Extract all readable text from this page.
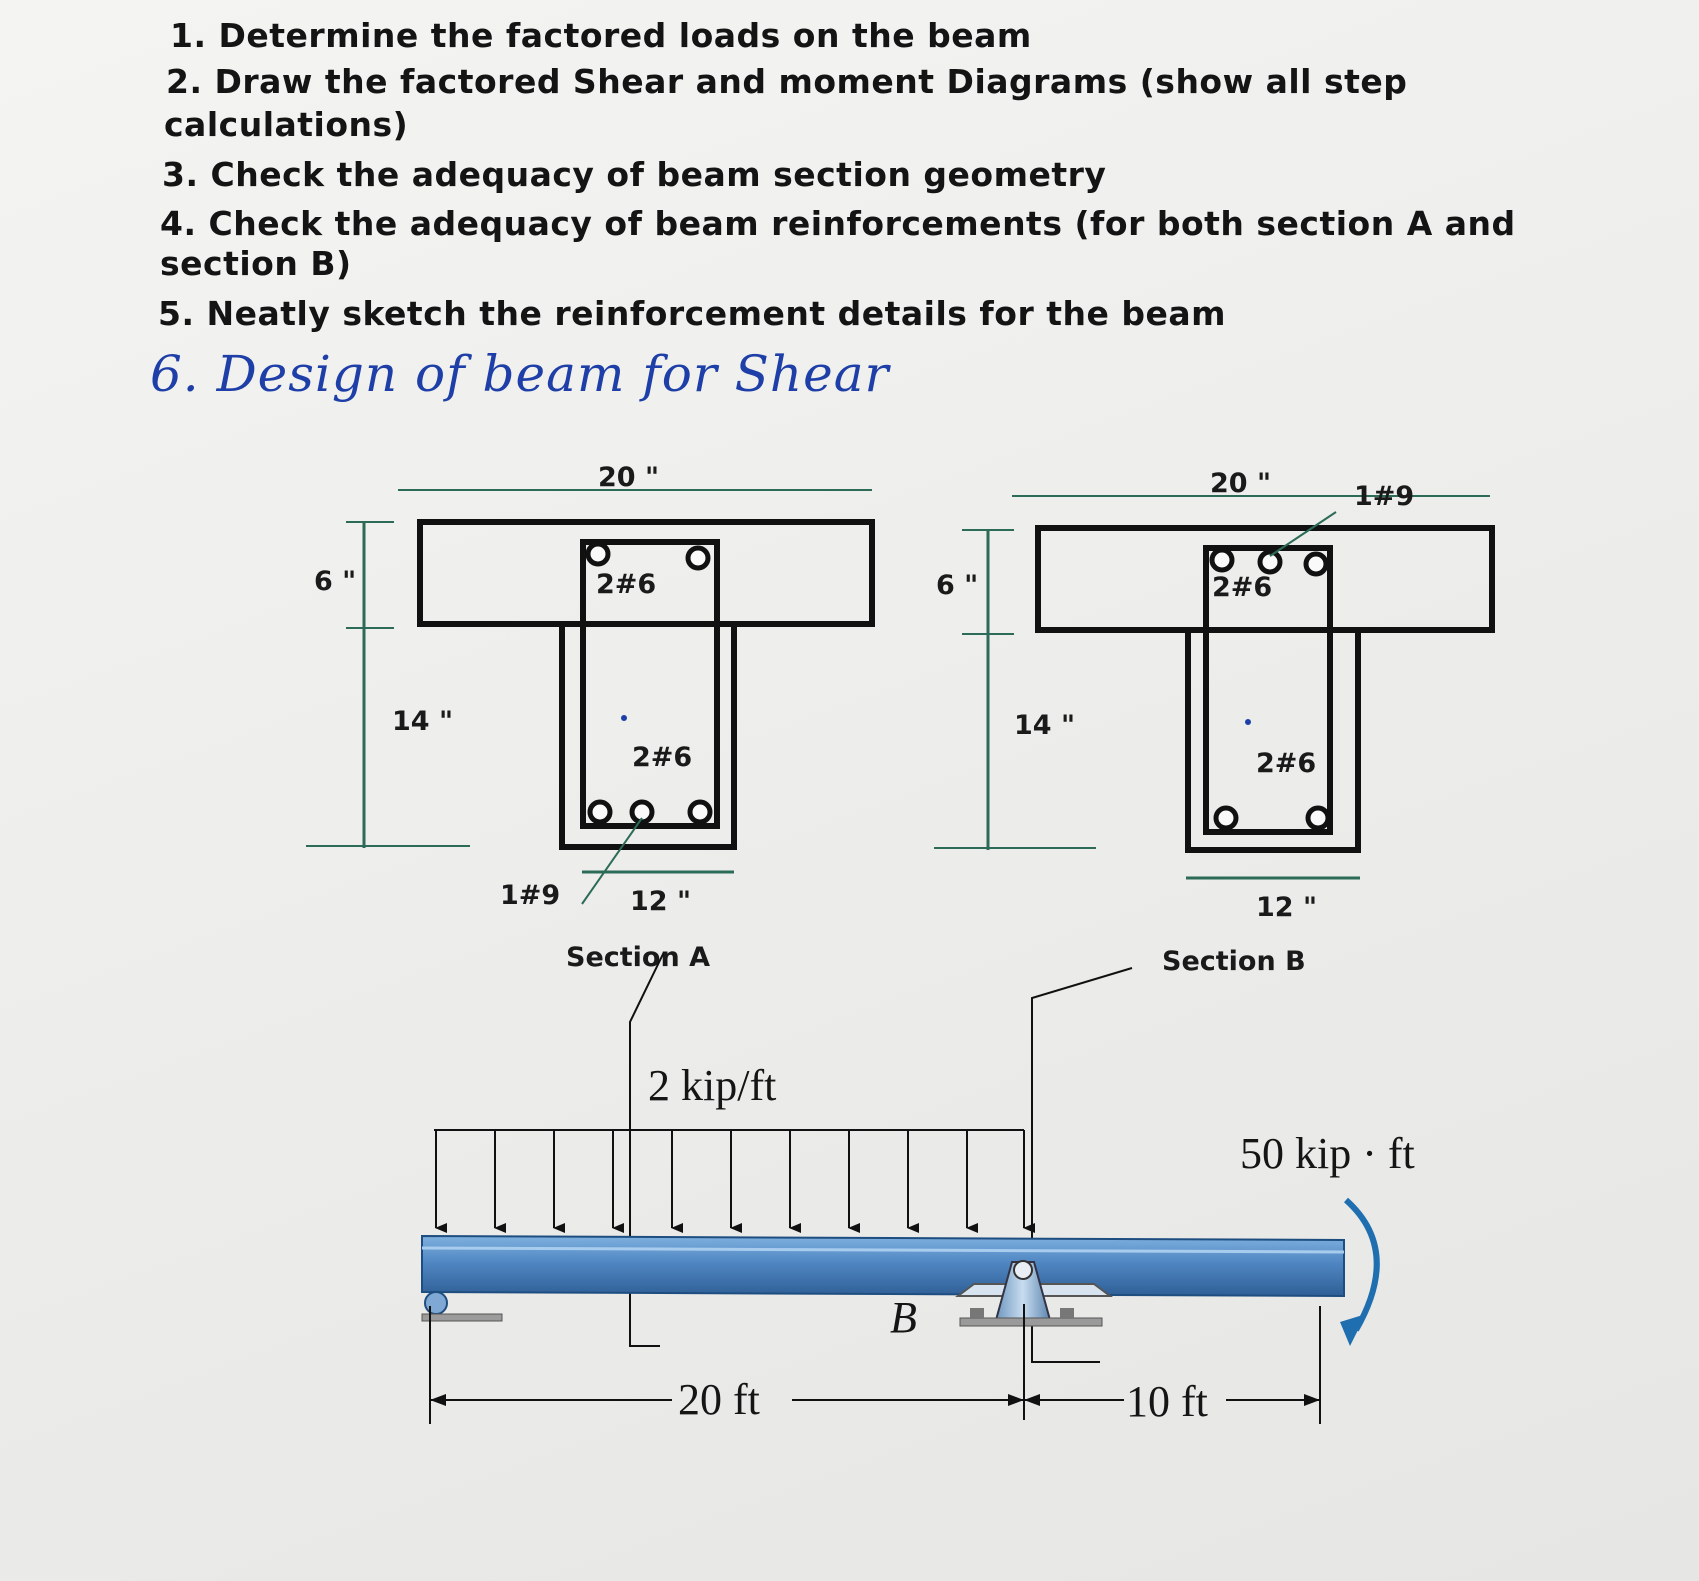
1. Determine the factored loads on the beam
2. Draw the factored Shear and moment Diagrams (show all step
calculations)
3. Check the adequacy of beam section geometry
4. Check the adequacy of beam reinforcements (for both section A and
section B)
5. Neatly sketch the reinforcement details for the beam
6. Design of beam for Shear
20 "
6 "
14 "
2#6
2#6
1#9	12 "
Section A
20 "	1#9
6 "
14 "
2#6
2#6
12 "
Section B
2 kip/ft
B
50 kip · ft
20 ft	10 ft
